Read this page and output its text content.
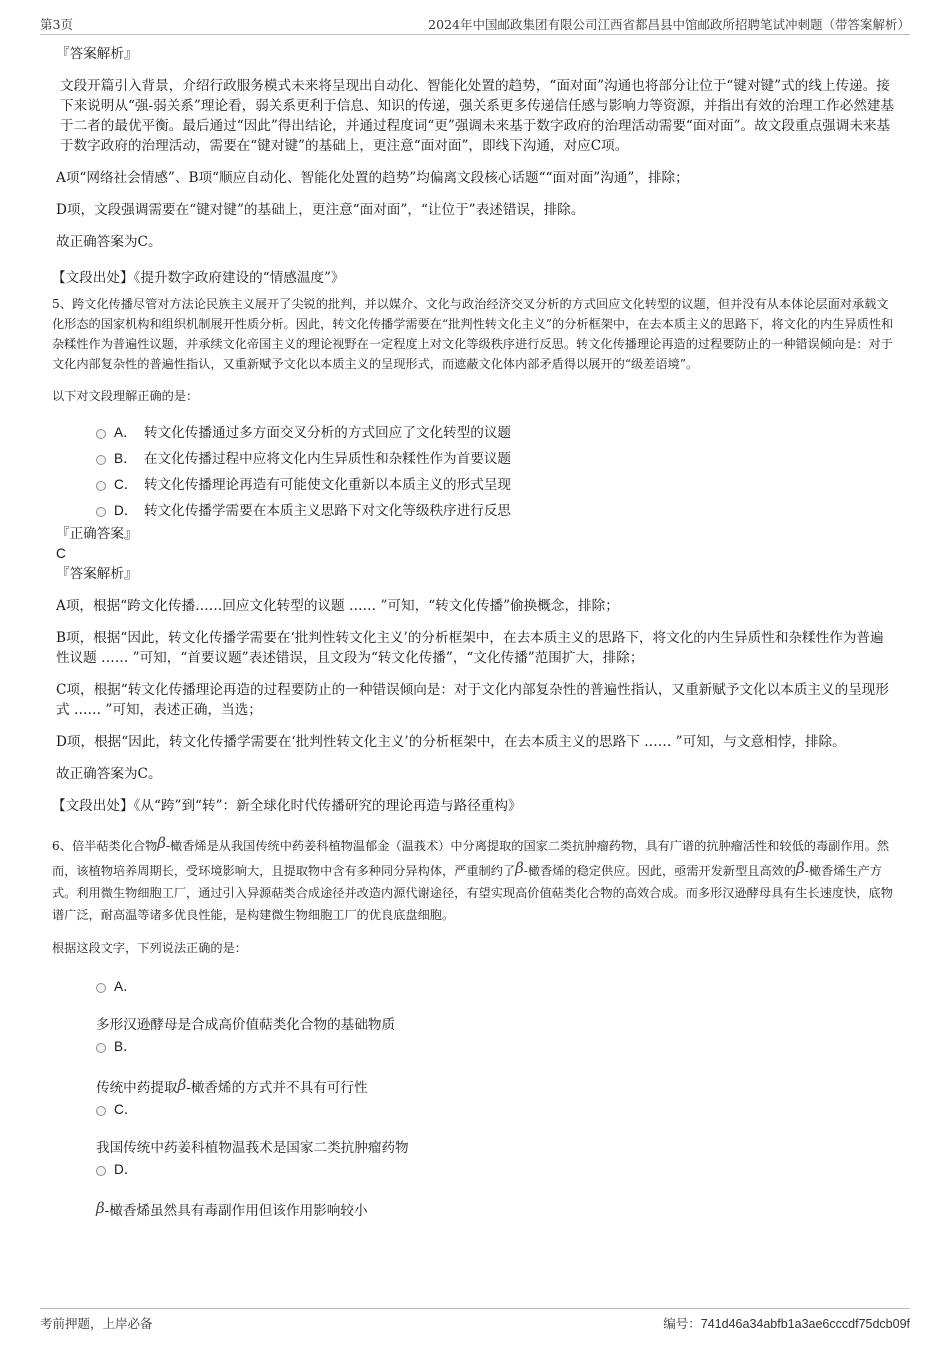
第3页	2024年中国邮政集团有限公司江西省都昌县中馆邮政所招聘笔试冲刺题（带答案解析）

『答案解析』

文段开篇引入背景，介绍行政服务模式未来将呈现出自动化、智能化处置的趋势，“面对面”沟通也将部分让位于“键对键”式的线上传递。接下来说明从“强-弱关系”理论看，弱关系更利于信息、知识的传递，强关系更多传递信任感与影响力等资源，并指出有效的治理工作必然建基于二者的最优平衡。最后通过“因此”得出结论，并通过程度词“更”强调未来基于数字政府的治理活动需要“面对面”。故文段重点强调未来基于数字政府的治理活动，需要在“键对键”的基础上，更注意“面对面”，即线下沟通，对应C项。

A项“网络社会情感”、B项“顺应自动化、智能化处置的趋势”均偏离文段核心话题““面对面”沟通”，排除；

D项，文段强调需要在“键对键”的基础上，更注意“面对面”，“让位于”表述错误，排除。

故正确答案为C。

【文段出处】《提升数字政府建设的“情感温度”》

5、跨文化传播尽管对方法论民族主义展开了尖锐的批判，并以媒介、文化与政治经济交叉分析的方式回应文化转型的议题，但并没有从本体论层面对承载文化形态的国家机构和组织机制展开性质分析。因此，转文化传播学需要在“批判性转文化主义”的分析框架中，在去本质主义的思路下，将文化的内生异质性和杂糅性作为普遍性议题，并承续文化帝国主义的理论视野在一定程度上对文化等级秩序进行反思。转文化传播理论再造的过程要防止的一种错误倾向是：对于文化内部复杂性的普遍性指认，又重新赋予文化以本质主义的呈现形式，而遮蔽文化体内部矛盾得以展开的“级差语境”。

以下对文段理解正确的是：

A． 转文化传播通过多方面交叉分析的方式回应了文化转型的议题
B． 在文化传播过程中应将文化内生异质性和杂糅性作为首要议题
C． 转文化传播理论再造有可能使文化重新以本质主义的形式呈现
D． 转文化传播学需要在本质主义思路下对文化等级秩序进行反思

『正确答案』

C

『答案解析』

A项，根据“跨文化传播……回应文化转型的议题 …… ”可知，“转文化传播”偷换概念，排除；

B项，根据“因此，转文化传播学需要在‘批判性转文化主义’的分析框架中，在去本质主义的思路下，将文化的内生异质性和杂糅性作为普遍性议题 …… ”可知，“首要议题”表述错误，且文段为“转文化传播”，“文化传播”范围扩大，排除；

C项，根据“转文化传播理论再造的过程要防止的一种错误倾向是：对于文化内部复杂性的普遍性指认，又重新赋予文化以本质主义的呈现形式 …… ”可知，表述正确，当选；

D项，根据“因此，转文化传播学需要在‘批判性转文化主义’的分析框架中，在去本质主义的思路下 …… ”可知，与文意相悖，排除。

故正确答案为C。

【文段出处】《从“跨”到“转”：新全球化时代传播研究的理论再造与路径重构》

6、倍半萜类化合物β-橄香烯是从我国传统中药姜科植物温郁金（温莪术）中分离提取的国家二类抗肿瘤药物，具有广谱的抗肿瘤活性和较低的毒副作用。然而，该植物培养周期长，受环境影响大，且提取物中含有多种同分异构体，严重制约了β-橄香烯的稳定供应。因此，亟需开发新型且高效的β-橄香烯生产方式。利用微生物细胞工厂，通过引入异源萜类合成途径并改造内源代谢途径，有望实现高价值萜类化合物的高效合成。而多形汉逊酵母具有生长速度快，底物谱广泛，耐高温等诸多优良性能，是构建微生物细胞工厂的优良底盘细胞。

根据这段文字，下列说法正确的是：

A．
多形汉逊酵母是合成高价值萜类化合物的基础物质
B．
传统中药提取β-橄香烯的方式并不具有可行性
C．
我国传统中药姜科植物温莪术是国家二类抗肿瘤药物
D．
β-橄香烯虽然具有毒副作用但该作用影响较小
考前押题，上岸必备	编号：741d46a34abfb1a3ae6cccdf75dcb09f
